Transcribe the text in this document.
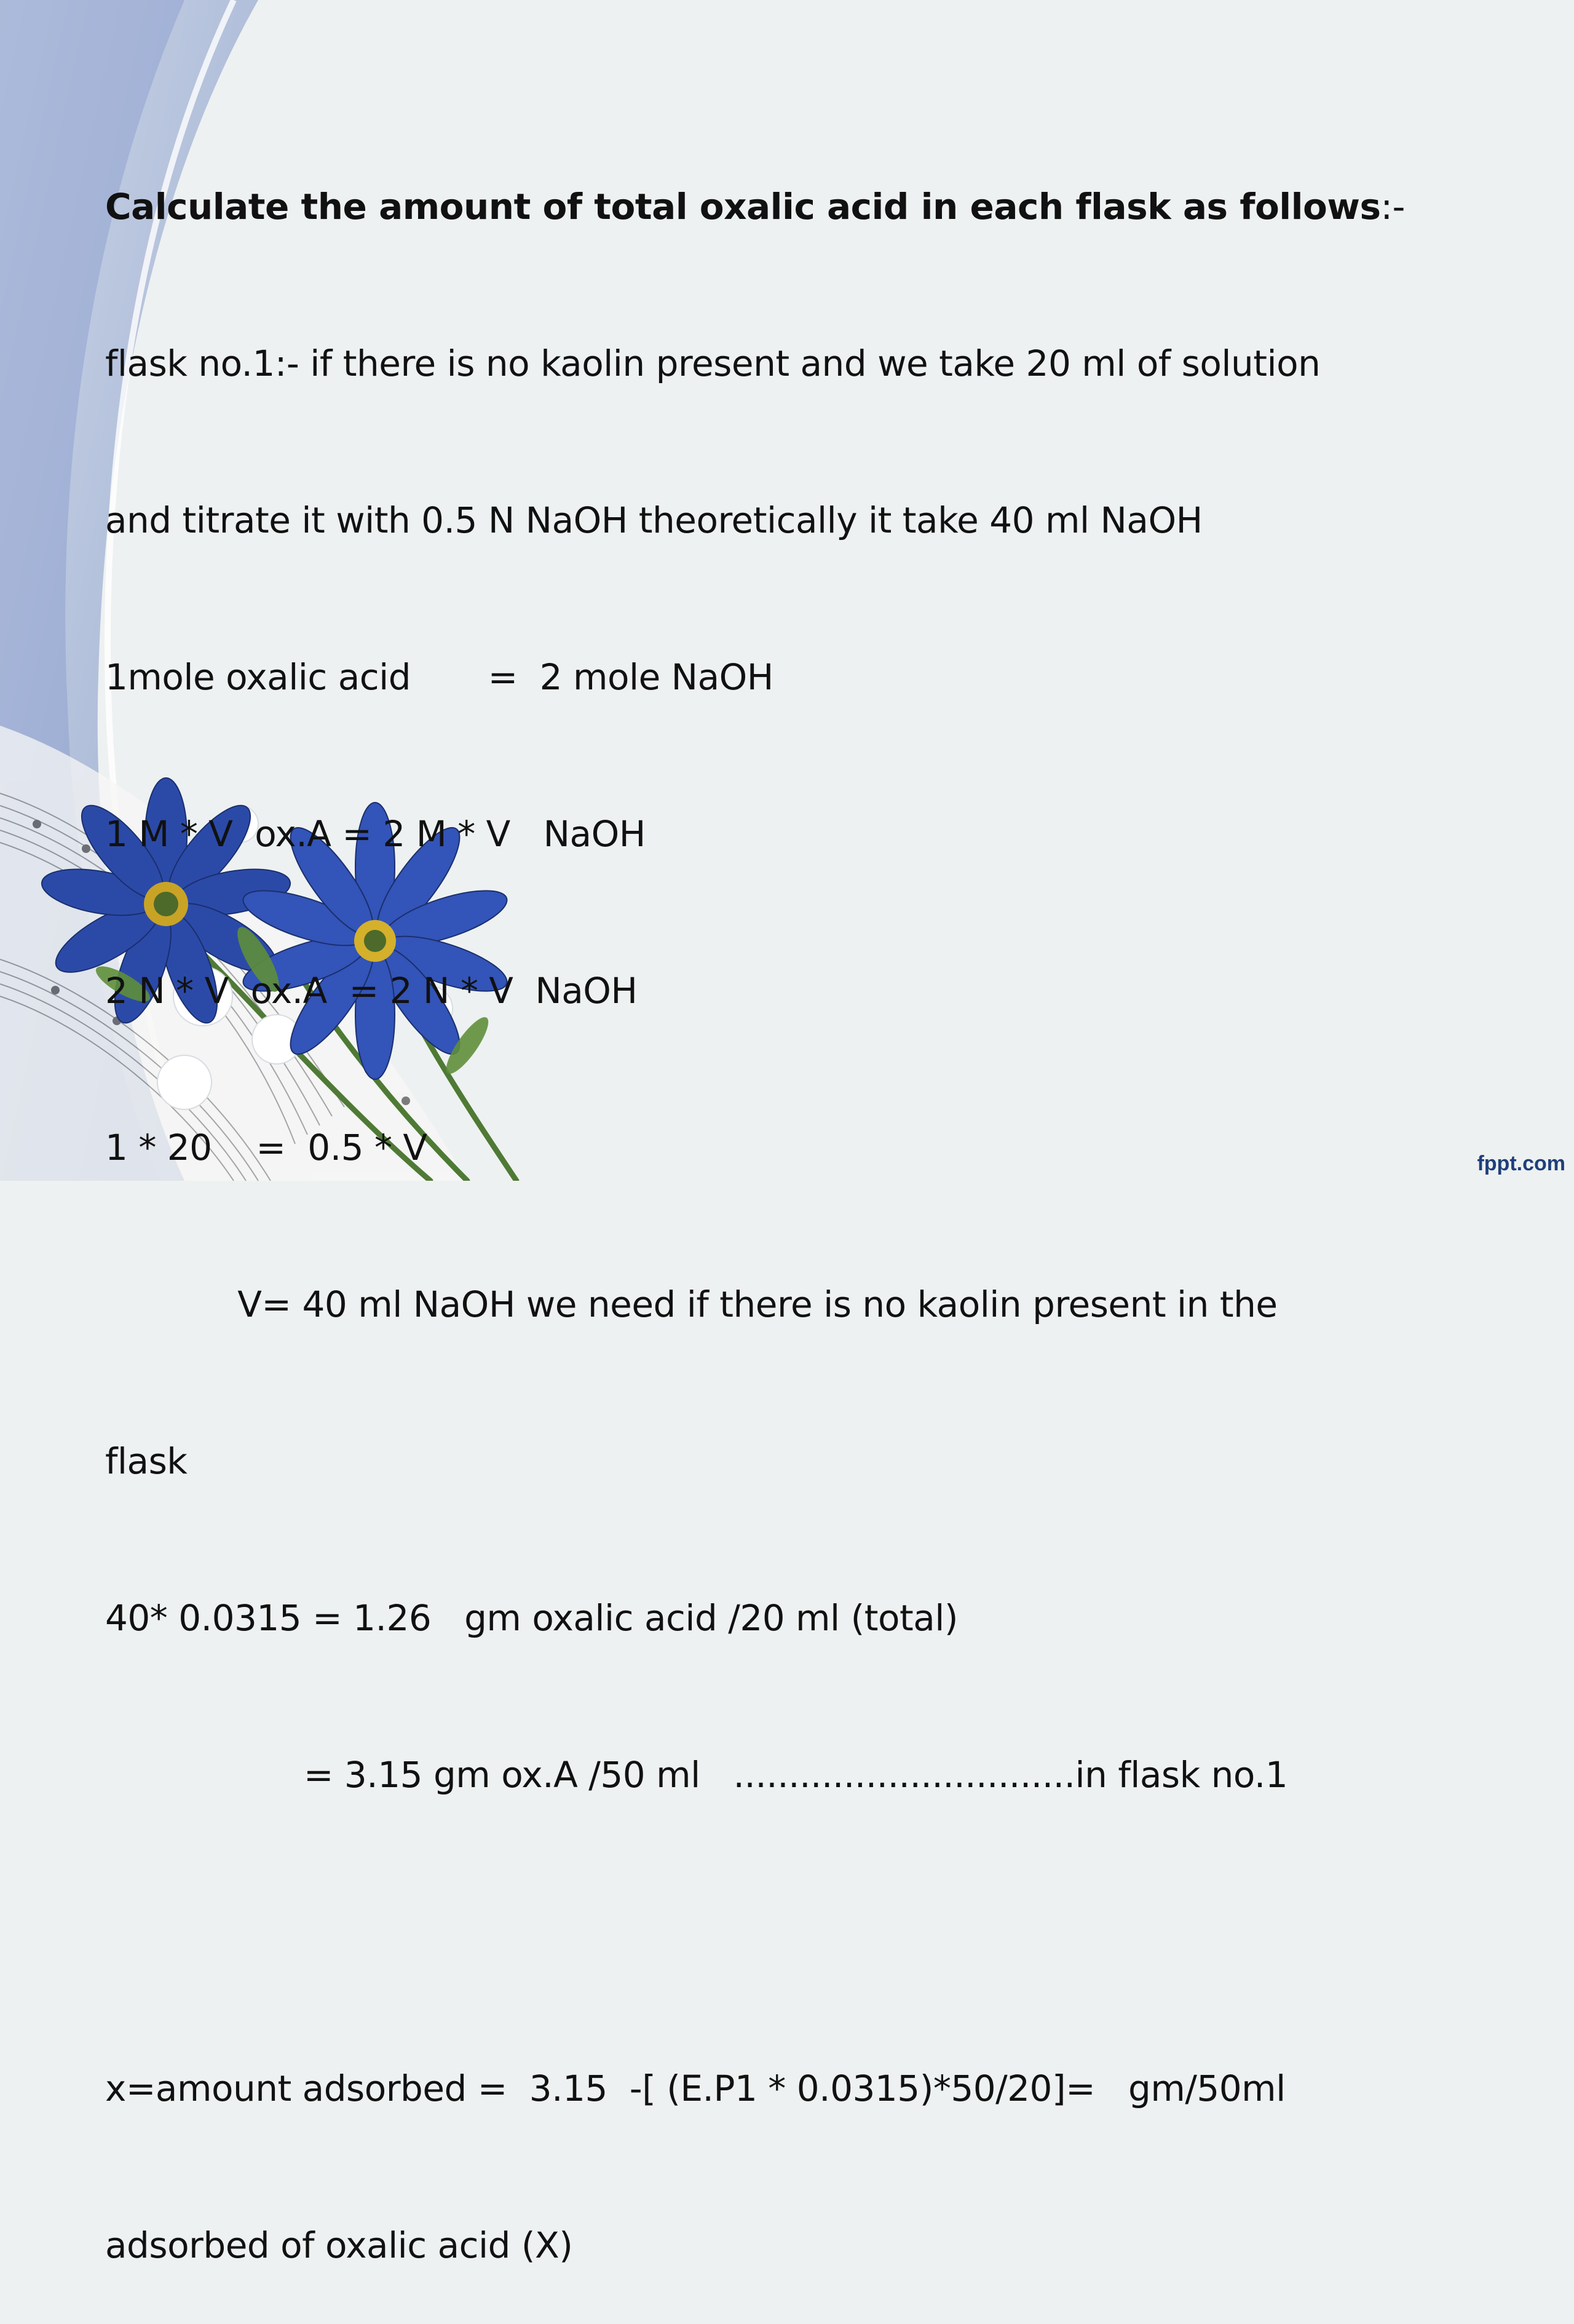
Calculate the amount of total oxalic acid in each flask as follows:-

flask no.1:- if there is no kaolin present and we take 20 ml of solution

and titrate it with 0.5 N NaOH theoretically it take 40 ml NaOH

1mole oxalic acid       =  2 mole NaOH

1 M * V  ox.A = 2 M * V   NaOH

2 N * V  ox.A  = 2 N * V  NaOH

1 * 20    =  0.5 * V

V= 40 ml NaOH we need if there is no kaolin present in the

flask

40* 0.0315 = 1.26   gm oxalic acid /20 ml (total)

= 3.15 gm ox.A /50 ml   ...............................in flask no.1

x=amount adsorbed =  3.15  -[ (E.P1 * 0.0315)*50/20]=   gm/50ml

adsorbed of oxalic acid (X)

fppt.com
